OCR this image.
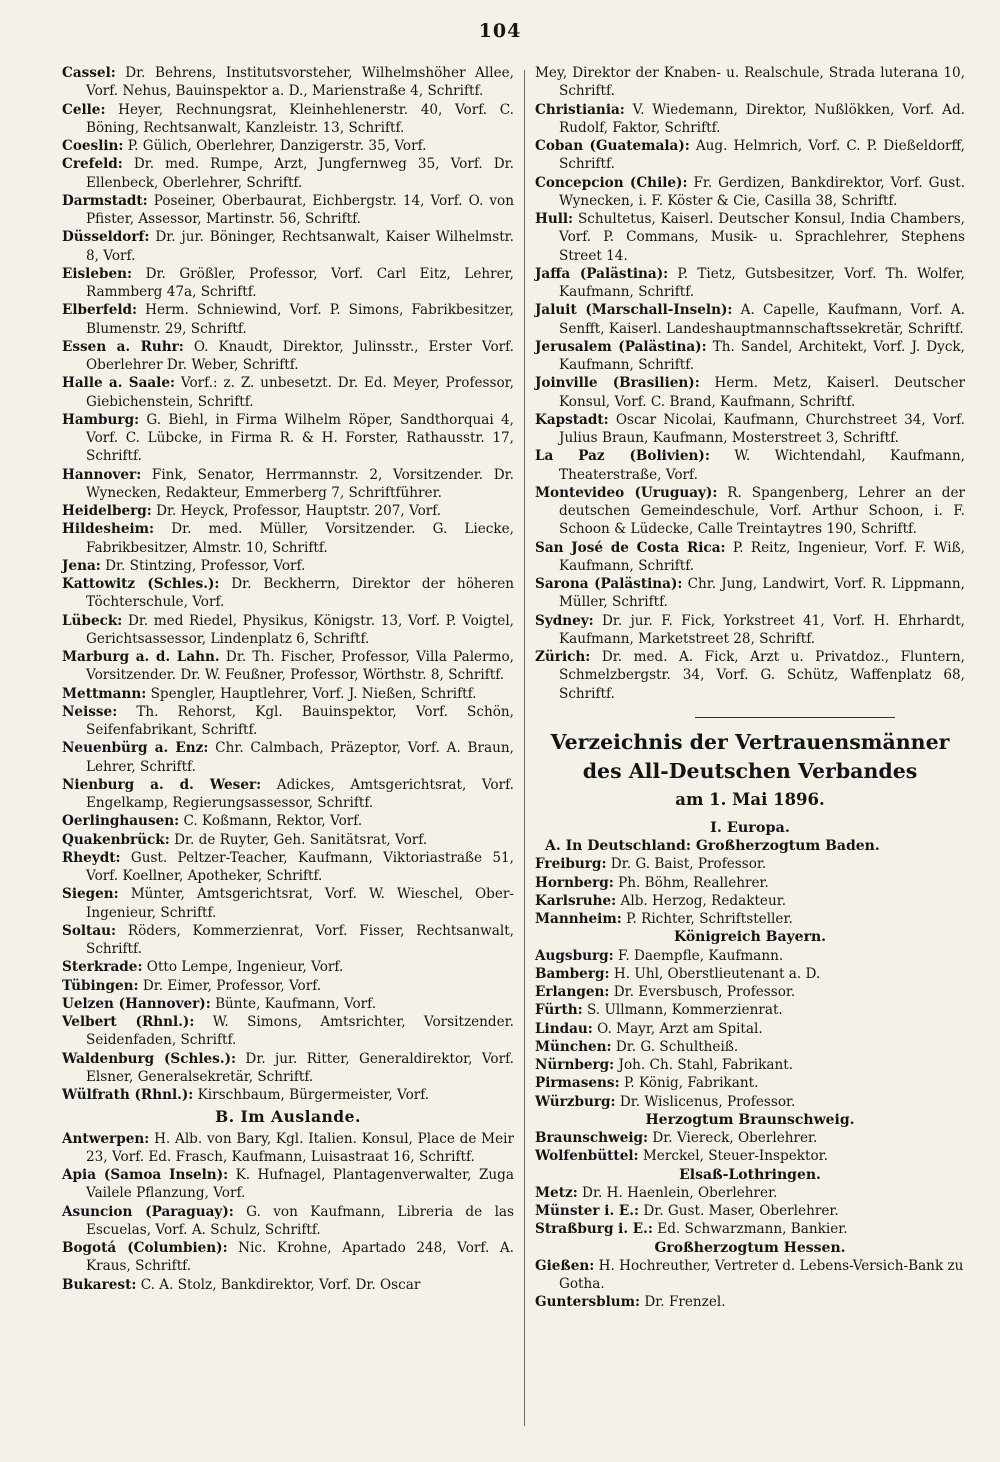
104

Cassel: Dr. Behrens, Institutsvorsteher, Wilhelmshöher Allee, Vorf. Nehus, Bauinspektor a. D., Marienstraße 4, Schriftf.

Celle: Heyer, Rechnungsrat, Kleinhehlenerstr. 40, Vorf. C. Böning, Rechtsanwalt, Kanzleistr. 13, Schriftf.

Coeslin: P. Gülich, Oberlehrer, Danzigerstr. 35, Vorf.

Crefeld: Dr. med. Rumpe, Arzt, Jungfernweg 35, Vorf. Dr. Ellenbeck, Oberlehrer, Schriftf.

Darmstadt: Poseiner, Oberbaurat, Eichbergstr. 14, Vorf. O. von Pfister, Assessor, Martinstr. 56, Schriftf.

Düsseldorf: Dr. jur. Böninger, Rechtsanwalt, Kaiser Wilhelmstr. 8, Vorf.

Eisleben: Dr. Größler, Professor, Vorf. Carl Eitz, Lehrer, Rammberg 47a, Schriftf.

Elberfeld: Herm. Schniewind, Vorf. P. Simons, Fabrikbesitzer, Blumenstr. 29, Schriftf.

Essen a. Ruhr: O. Knaudt, Direktor, Julinsstr., Erster Vorf. Oberlehrer Dr. Weber, Schriftf.

Halle a. Saale: Vorf.: z. Z. unbesetzt. Dr. Ed. Meyer, Professor, Giebichenstein, Schriftf.

Hamburg: G. Biehl, in Firma Wilhelm Röper, Sandthorquai 4, Vorf. C. Lübcke, in Firma R. & H. Forster, Rathausstr. 17, Schriftf.

Hannover: Fink, Senator, Herrmannstr. 2, Vorsitzender. Dr. Wynecken, Redakteur, Emmerberg 7, Schriftführer.

Heidelberg: Dr. Heyck, Professor, Hauptstr. 207, Vorf.

Hildesheim: Dr. med. Müller, Vorsitzender. G. Liecke, Fabrikbesitzer, Almstr. 10, Schriftf.

Jena: Dr. Stintzing, Professor, Vorf.

Kattowitz (Schles.): Dr. Beckherrn, Direktor der höheren Töchterschule, Vorf.

Lübeck: Dr. med Riedel, Physikus, Königstr. 13, Vorf. P. Voigtel, Gerichtsassessor, Lindenplatz 6, Schriftf.

Marburg a. d. Lahn. Dr. Th. Fischer, Professor, Villa Palermo, Vorsitzender. Dr. W. Feußner, Professor, Wörthstr. 8, Schriftf.

Mettmann: Spengler, Hauptlehrer, Vorf. J. Nießen, Schriftf.

Neisse: Th. Rehorst, Kgl. Bauinspektor, Vorf. Schön, Seifenfabrikant, Schriftf.

Neuenbürg a. Enz: Chr. Calmbach, Präzeptor, Vorf. A. Braun, Lehrer, Schriftf.

Nienburg a. d. Weser: Adickes, Amtsgerichtsrat, Vorf. Engelkamp, Regierungsassessor, Schriftf.

Oerlinghausen: C. Koßmann, Rektor, Vorf.

Quakenbrück: Dr. de Ruyter, Geh. Sanitätsrat, Vorf.

Rheydt: Gust. Peltzer-Teacher, Kaufmann, Viktoriastraße 51, Vorf. Koellner, Apotheker, Schriftf.

Siegen: Münter, Amtsgerichtsrat, Vorf. W. Wieschel, Ober-Ingenieur, Schriftf.

Soltau: Röders, Kommerzienrat, Vorf. Fisser, Rechtsanwalt, Schriftf.

Sterkrade: Otto Lempe, Ingenieur, Vorf.

Tübingen: Dr. Eimer, Professor, Vorf.

Uelzen (Hannover): Bünte, Kaufmann, Vorf.

Velbert (Rhnl.): W. Simons, Amtsrichter, Vorsitzender. Seidenfaden, Schriftf.

Waldenburg (Schles.): Dr. jur. Ritter, Generaldirektor, Vorf. Elsner, Generalsekretär, Schriftf.

Wülfrath (Rhnl.): Kirschbaum, Bürgermeister, Vorf.

B. Im Auslande.

Antwerpen: H. Alb. von Bary, Kgl. Italien. Konsul, Place de Meir 23, Vorf. Ed. Frasch, Kaufmann, Luisastraat 16, Schriftf.

Apia (Samoa Inseln): K. Hufnagel, Plantagenverwalter, Zuga Vailele Pflanzung, Vorf.

Asuncion (Paraguay): G. von Kaufmann, Libreria de las Escuelas, Vorf. A. Schulz, Schriftf.

Bogotá (Columbien): Nic. Krohne, Apartado 248, Vorf. A. Kraus, Schriftf.

Bukarest: C. A. Stolz, Bankdirektor, Vorf. Dr. Oscar

Mey, Direktor der Knaben- u. Realschule, Strada luterana 10, Schriftf.

Christiania: V. Wiedemann, Direktor, Nußlökken, Vorf. Ad. Rudolf, Faktor, Schriftf.

Coban (Guatemala): Aug. Helmrich, Vorf. C. P. Dießeldorff, Schriftf.

Concepcion (Chile): Fr. Gerdizen, Bankdirektor, Vorf. Gust. Wynecken, i. F. Köster & Cie, Casilla 38, Schriftf.

Hull: Schultetus, Kaiserl. Deutscher Konsul, India Chambers, Vorf. P. Commans, Musik- u. Sprachlehrer, Stephens Street 14.

Jaffa (Palästina): P. Tietz, Gutsbesitzer, Vorf. Th. Wolfer, Kaufmann, Schriftf.

Jaluit (Marschall-Inseln): A. Capelle, Kaufmann, Vorf. A. Senfft, Kaiserl. Landeshauptmannschaftssekretär, Schriftf.

Jerusalem (Palästina): Th. Sandel, Architekt, Vorf. J. Dyck, Kaufmann, Schriftf.

Joinville (Brasilien): Herm. Metz, Kaiserl. Deutscher Konsul, Vorf. C. Brand, Kaufmann, Schriftf.

Kapstadt: Oscar Nicolai, Kaufmann, Churchstreet 34, Vorf. Julius Braun, Kaufmann, Mosterstreet 3, Schriftf.

La Paz (Bolivien): W. Wichtendahl, Kaufmann, Theaterstraße, Vorf.

Montevideo (Uruguay): R. Spangenberg, Lehrer an der deutschen Gemeindeschule, Vorf. Arthur Schoon, i. F. Schoon & Lüdecke, Calle Treintaytres 190, Schriftf.

San José de Costa Rica: P. Reitz, Ingenieur, Vorf. F. Wiß, Kaufmann, Schriftf.

Sarona (Palästina): Chr. Jung, Landwirt, Vorf. R. Lippmann, Müller, Schriftf.

Sydney: Dr. jur. F. Fick, Yorkstreet 41, Vorf. H. Ehrhardt, Kaufmann, Marketstreet 28, Schriftf.

Zürich: Dr. med. A. Fick, Arzt u. Privatdoz., Fluntern, Schmelzbergstr. 34, Vorf. G. Schütz, Waffenplatz 68, Schriftf.

Verzeichnis der Vertrauensmänner
des All-Deutschen Verbandes
am 1. Mai 1896.
I. Europa.
A. In Deutschland: Großherzogtum Baden.

Freiburg: Dr. G. Baist, Professor.

Hornberg: Ph. Böhm, Reallehrer.

Karlsruhe: Alb. Herzog, Redakteur.

Mannheim: P. Richter, Schriftsteller.

Königreich Bayern.

Augsburg: F. Daempfle, Kaufmann.

Bamberg: H. Uhl, Oberstlieutenant a. D.

Erlangen: Dr. Eversbusch, Professor.

Fürth: S. Ullmann, Kommerzienrat.

Lindau: O. Mayr, Arzt am Spital.

München: Dr. G. Schultheiß.

Nürnberg: Joh. Ch. Stahl, Fabrikant.

Pirmasens: P. König, Fabrikant.

Würzburg: Dr. Wislicenus, Professor.

Herzogtum Braunschweig.

Braunschweig: Dr. Viereck, Oberlehrer.

Wolfenbüttel: Merckel, Steuer-Inspektor.

Elsaß-Lothringen.

Metz: Dr. H. Haenlein, Oberlehrer.

Münster i. E.: Dr. Gust. Maser, Oberlehrer.

Straßburg i. E.: Ed. Schwarzmann, Bankier.

Großherzogtum Hessen.

Gießen: H. Hochreuther, Vertreter d. Lebens-Versich-Bank zu Gotha.

Guntersblum: Dr. Frenzel.
